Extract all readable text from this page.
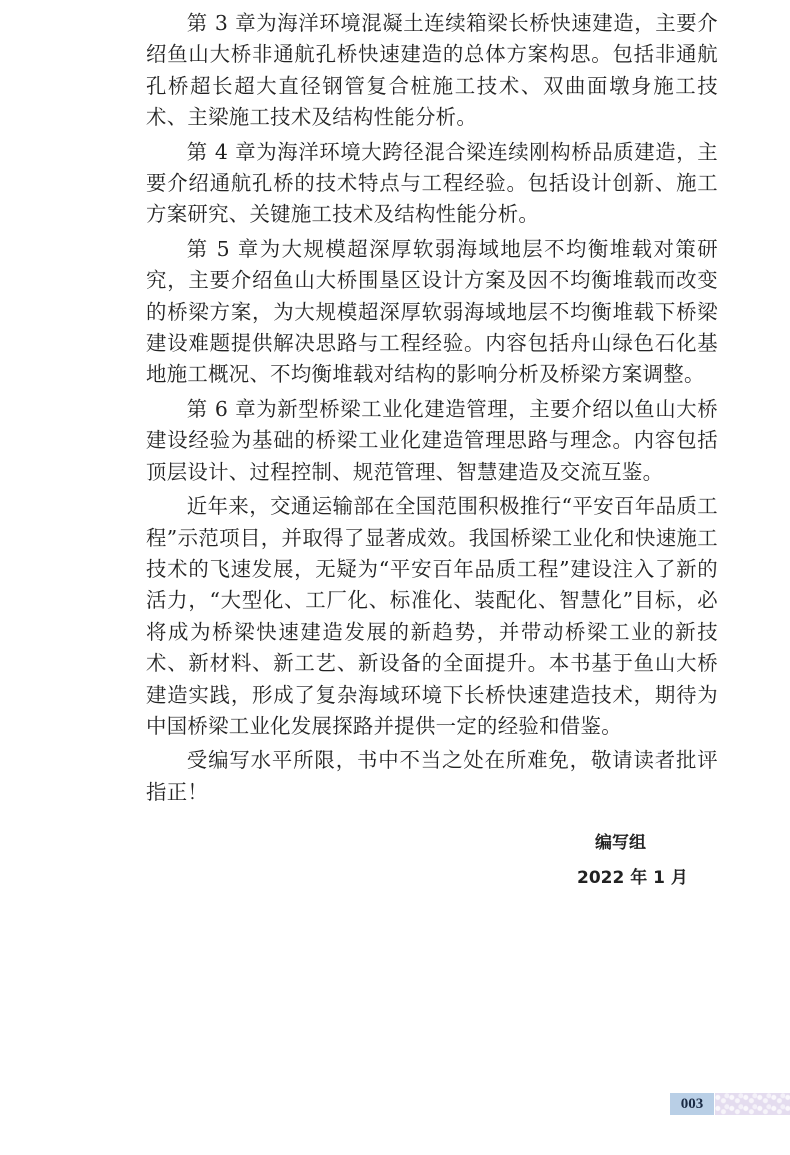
第 3 章为海洋环境混凝土连续箱梁长桥快速建造，主要介绍鱼山大桥非通航孔桥快速建造的总体方案构思。包括非通航孔桥超长超大直径钢管复合桩施工技术、双曲面墩身施工技术、主梁施工技术及结构性能分析。

第 4 章为海洋环境大跨径混合梁连续刚构桥品质建造，主要介绍通航孔桥的技术特点与工程经验。包括设计创新、施工方案研究、关键施工技术及结构性能分析。

第 5 章为大规模超深厚软弱海域地层不均衡堆载对策研究，主要介绍鱼山大桥围垦区设计方案及因不均衡堆载而改变的桥梁方案，为大规模超深厚软弱海域地层不均衡堆载下桥梁建设难题提供解决思路与工程经验。内容包括舟山绿色石化基地施工概况、不均衡堆载对结构的影响分析及桥梁方案调整。

第 6 章为新型桥梁工业化建造管理，主要介绍以鱼山大桥建设经验为基础的桥梁工业化建造管理思路与理念。内容包括顶层设计、过程控制、规范管理、智慧建造及交流互鉴。

近年来，交通运输部在全国范围积极推行“平安百年品质工程”示范项目，并取得了显著成效。我国桥梁工业化和快速施工技术的飞速发展，无疑为“平安百年品质工程”建设注入了新的活力，“大型化、工厂化、标准化、装配化、智慧化”目标，必将成为桥梁快速建造发展的新趋势，并带动桥梁工业的新技术、新材料、新工艺、新设备的全面提升。本书基于鱼山大桥建造实践，形成了复杂海域环境下长桥快速建造技术，期待为中国桥梁工业化发展探路并提供一定的经验和借鉴。

受编写水平所限，书中不当之处在所难免，敬请读者批评指正！

编写组
2022 年 1 月
003
